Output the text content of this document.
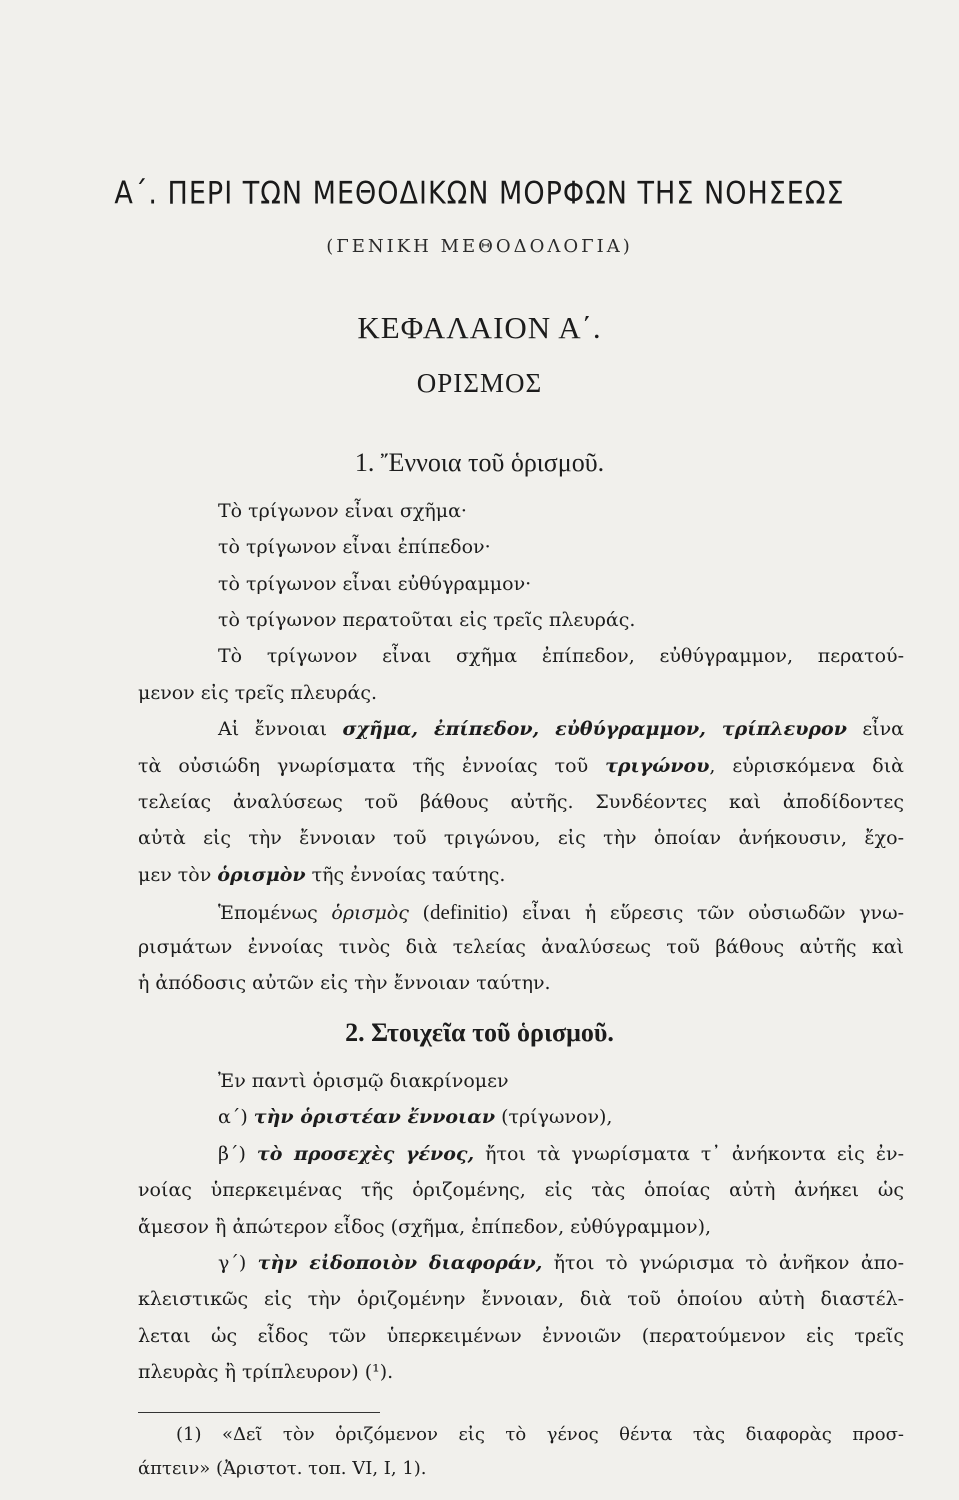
Α΄. ΠΕΡΙ ΤΩΝ ΜΕΘΟΔΙΚΩΝ ΜΟΡΦΩΝ ΤΗΣ ΝΟΗΣΕΩΣ
(ΓΕΝΙΚΗ ΜΕΘΟΔΟΛΟΓΙΑ)
ΚΕΦΑΛΑΙΟΝ Α΄.
ΟΡΙΣΜΟΣ
1. Ἔννοια τοῦ ὁρισμοῦ.
Τὸ τρίγωνον εἶναι σχῆμα·
τὸ τρίγωνον εἶναι ἐπίπεδον·
τὸ τρίγωνον εἶναι εὐθύγραμμον·
τὸ τρίγωνον περατοῦται εἰς τρεῖς πλευράς.
Τὸ τρίγωνον εἶναι σχῆμα ἐπίπεδον, εὐθύγραμμον, περατού-
μενον εἰς τρεῖς πλευράς.
Αἱ ἔννοιαι σχῆμα, ἐπίπεδον, εὐθύγραμμον, τρίπλευρον εἶνα
τὰ οὐσιώδη γνωρίσματα τῆς ἐννοίας τοῦ τριγώνου, εὑρισκόμενα διὰ
τελείας ἀναλύσεως τοῦ βάθους αὐτῆς. Συνδέοντες καὶ ἀποδίδοντες
αὐτὰ εἰς τὴν ἔννοιαν τοῦ τριγώνου, εἰς τὴν ὁποίαν ἀνήκουσιν, ἔχο-
μεν τὸν ὁρισμὸν τῆς ἐννοίας ταύτης.
Ἑπομένως ὁρισμὸς (definitio) εἶναι ἡ εὕρεσις τῶν οὐσιωδῶν γνω-
ρισμάτων ἐννοίας τινὸς διὰ τελείας ἀναλύσεως τοῦ βάθους αὐτῆς καὶ
ἡ ἀπόδοσις αὐτῶν εἰς τὴν ἔννοιαν ταύτην.
2. Στοιχεῖα τοῦ ὁρισμοῦ.
Ἐν παντὶ ὁρισμῷ διακρίνομεν
α΄) τὴν ὁριστέαν ἔννοιαν (τρίγωνον),
β΄) τὸ προσεχὲς γένος, ἤτοι τὰ γνωρίσματα τ᾽ ἀνήκοντα εἰς ἐν-
νοίας ὑπερκειμένας τῆς ὁριζομένης, εἰς τὰς ὁποίας αὐτὴ ἀνήκει ὡς
ἄμεσον ἢ ἀπώτερον εἶδος (σχῆμα, ἐπίπεδον, εὐθύγραμμον),
γ΄) τὴν εἰδοποιὸν διαφοράν, ἤτοι τὸ γνώρισμα τὸ ἀνῆκον ἀπο-
κλειστικῶς εἰς τὴν ὁριζομένην ἔννοιαν, διὰ τοῦ ὁποίου αὐτὴ διαστέλ-
λεται ὡς εἶδος τῶν ὑπερκειμένων ἐννοιῶν (περατούμενον εἰς τρεῖς
πλευρὰς ἢ τρίπλευρον) (¹).
(1) «Δεῖ τὸν ὁριζόμενον εἰς τὸ γένος θέντα τὰς διαφορὰς προσ-
άπτειν» (Ἀριστοτ. τοπ. VI, I, 1).
